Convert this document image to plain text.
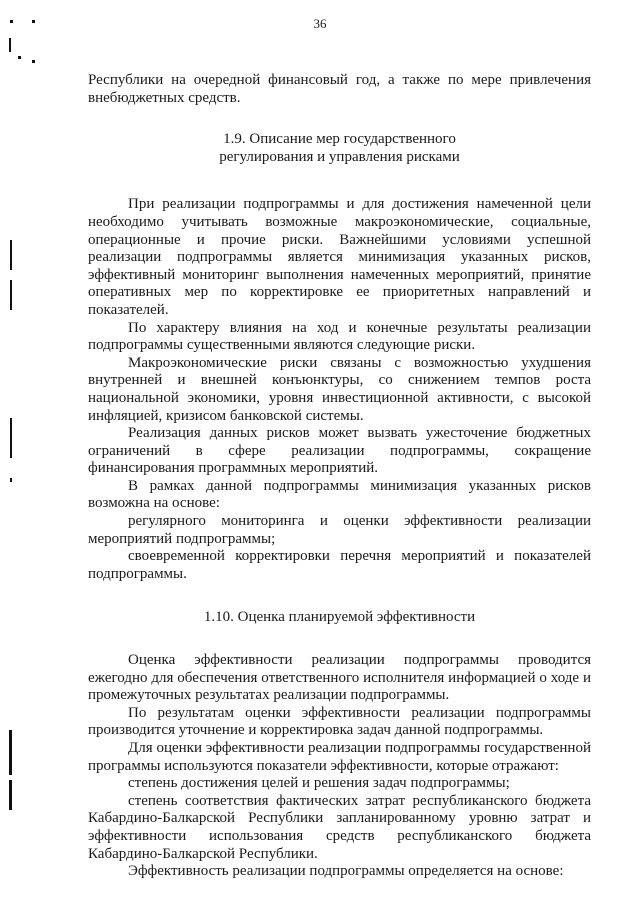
36

Республики на очередной финансовый год, а также по мере привлечения внебюджетных средств.

1.9. Описание мер государственного
регулирования и управления рисками

При реализации подпрограммы и для достижения намеченной цели необходимо учитывать возможные макроэкономические, социальные, операционные и прочие риски. Важнейшими условиями успешной реализации подпрограммы является минимизация указанных рисков, эффективный мониторинг выполнения намеченных мероприятий, принятие оперативных мер по корректировке ее приоритетных направлений и показателей.

По характеру влияния на ход и конечные результаты реализации подпрограммы существенными являются следующие риски.

Макроэкономические риски связаны с возможностью ухудшения внутренней и внешней конъюнктуры, со снижением темпов роста национальной экономики, уровня инвестиционной активности, с высокой инфляцией, кризисом банковской системы.

Реализация данных рисков может вызвать ужесточение бюджетных ограничений в сфере реализации подпрограммы, сокращение финансирования программных мероприятий.

В рамках данной подпрограммы минимизация указанных рисков возможна на основе:

регулярного мониторинга и оценки эффективности реализации мероприятий подпрограммы;

своевременной корректировки перечня мероприятий и показателей подпрограммы.

1.10. Оценка планируемой эффективности

Оценка эффективности реализации подпрограммы проводится ежегодно для обеспечения ответственного исполнителя информацией о ходе и промежуточных результатах реализации подпрограммы.

По результатам оценки эффективности реализации подпрограммы производится уточнение и корректировка задач данной подпрограммы.

Для оценки эффективности реализации подпрограммы государственной программы используются показатели эффективности, которые отражают:

степень достижения целей и решения задач подпрограммы;

степень соответствия фактических затрат республиканского бюджета Кабардино-Балкарской Республики запланированному уровню затрат и эффективности использования средств республиканского бюджета Кабардино-Балкарской Республики.

Эффективность реализации подпрограммы определяется на основе:
